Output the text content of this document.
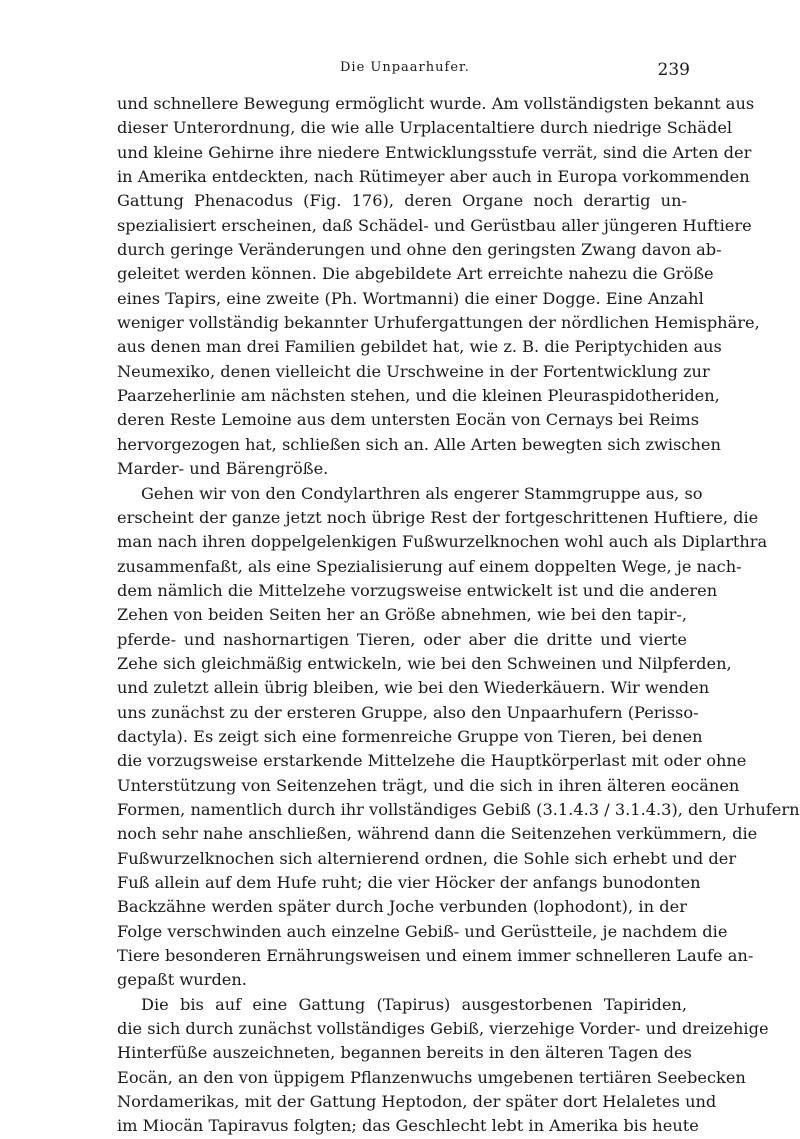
Die Unpaarhufer.	239
und schnellere Bewegung ermöglicht wurde. Am vollständigsten bekannt aus
dieser Unterordnung, die wie alle Urplacentaltiere durch niedrige Schädel
und kleine Gehirne ihre niedere Entwicklungsstufe verrät, sind die Arten der
in Amerika entdeckten, nach Rütimeyer aber auch in Europa vorkommenden
Gattung Phenacodus (Fig. 176), deren Organe noch derartig un-
spezialisiert erscheinen, daß Schädel- und Gerüstbau aller jüngeren Huftiere
durch geringe Veränderungen und ohne den geringsten Zwang davon ab-
geleitet werden können. Die abgebildete Art erreichte nahezu die Größe
eines Tapirs, eine zweite (Ph. Wortmanni) die einer Dogge. Eine Anzahl
weniger vollständig bekannter Urhufergattungen der nördlichen Hemisphäre,
aus denen man drei Familien gebildet hat, wie z. B. die Periptychiden aus
Neumexiko, denen vielleicht die Urschweine in der Fortentwicklung zur
Paarzeherlinie am nächsten stehen, und die kleinen Pleuraspidotheriden,
deren Reste Lemoine aus dem untersten Eocän von Cernays bei Reims
hervorgezogen hat, schließen sich an. Alle Arten bewegten sich zwischen
Marder- und Bärengröße.
Gehen wir von den Condylarthren als engerer Stammgruppe aus, so
erscheint der ganze jetzt noch übrige Rest der fortgeschrittenen Huftiere, die
man nach ihren doppelgelenkigen Fußwurzelknochen wohl auch als Diplarthra
zusammenfaßt, als eine Spezialisierung auf einem doppelten Wege, je nach-
dem nämlich die Mittelzehe vorzugsweise entwickelt ist und die anderen
Zehen von beiden Seiten her an Größe abnehmen, wie bei den tapir-,
pferde- und nashornartigen Tieren, oder aber die dritte und vierte
Zehe sich gleichmäßig entwickeln, wie bei den Schweinen und Nilpferden,
und zuletzt allein übrig bleiben, wie bei den Wiederkäuern. Wir wenden
uns zunächst zu der ersteren Gruppe, also den Unpaarhufern (Perisso-
dactyla). Es zeigt sich eine formenreiche Gruppe von Tieren, bei denen
die vorzugsweise erstarkende Mittelzehe die Hauptkörperlast mit oder ohne
Unterstützung von Seitenzehen trägt, und die sich in ihren älteren eocänen
Formen, namentlich durch ihr vollständiges Gebiß (3.1.4.3 / 3.1.4.3), den Urhufern
noch sehr nahe anschließen, während dann die Seitenzehen verkümmern, die
Fußwurzelknochen sich alternierend ordnen, die Sohle sich erhebt und der
Fuß allein auf dem Hufe ruht; die vier Höcker der anfangs bunodonten
Backzähne werden später durch Joche verbunden (lophodont), in der
Folge verschwinden auch einzelne Gebiß- und Gerüstteile, je nachdem die
Tiere besonderen Ernährungsweisen und einem immer schnelleren Laufe an-
gepaßt wurden.
Die bis auf eine Gattung (Tapirus) ausgestorbenen Tapiriden,
die sich durch zunächst vollständiges Gebiß, vierzehige Vorder- und dreizehige
Hinterfüße auszeichneten, begannen bereits in den älteren Tagen des
Eocän, an den von üppigem Pflanzenwuchs umgebenen tertiären Seebecken
Nordamerikas, mit der Gattung Heptodon, der später dort Helaletes und
im Miocän Tapiravus folgten; das Geschlecht lebt in Amerika bis heute
